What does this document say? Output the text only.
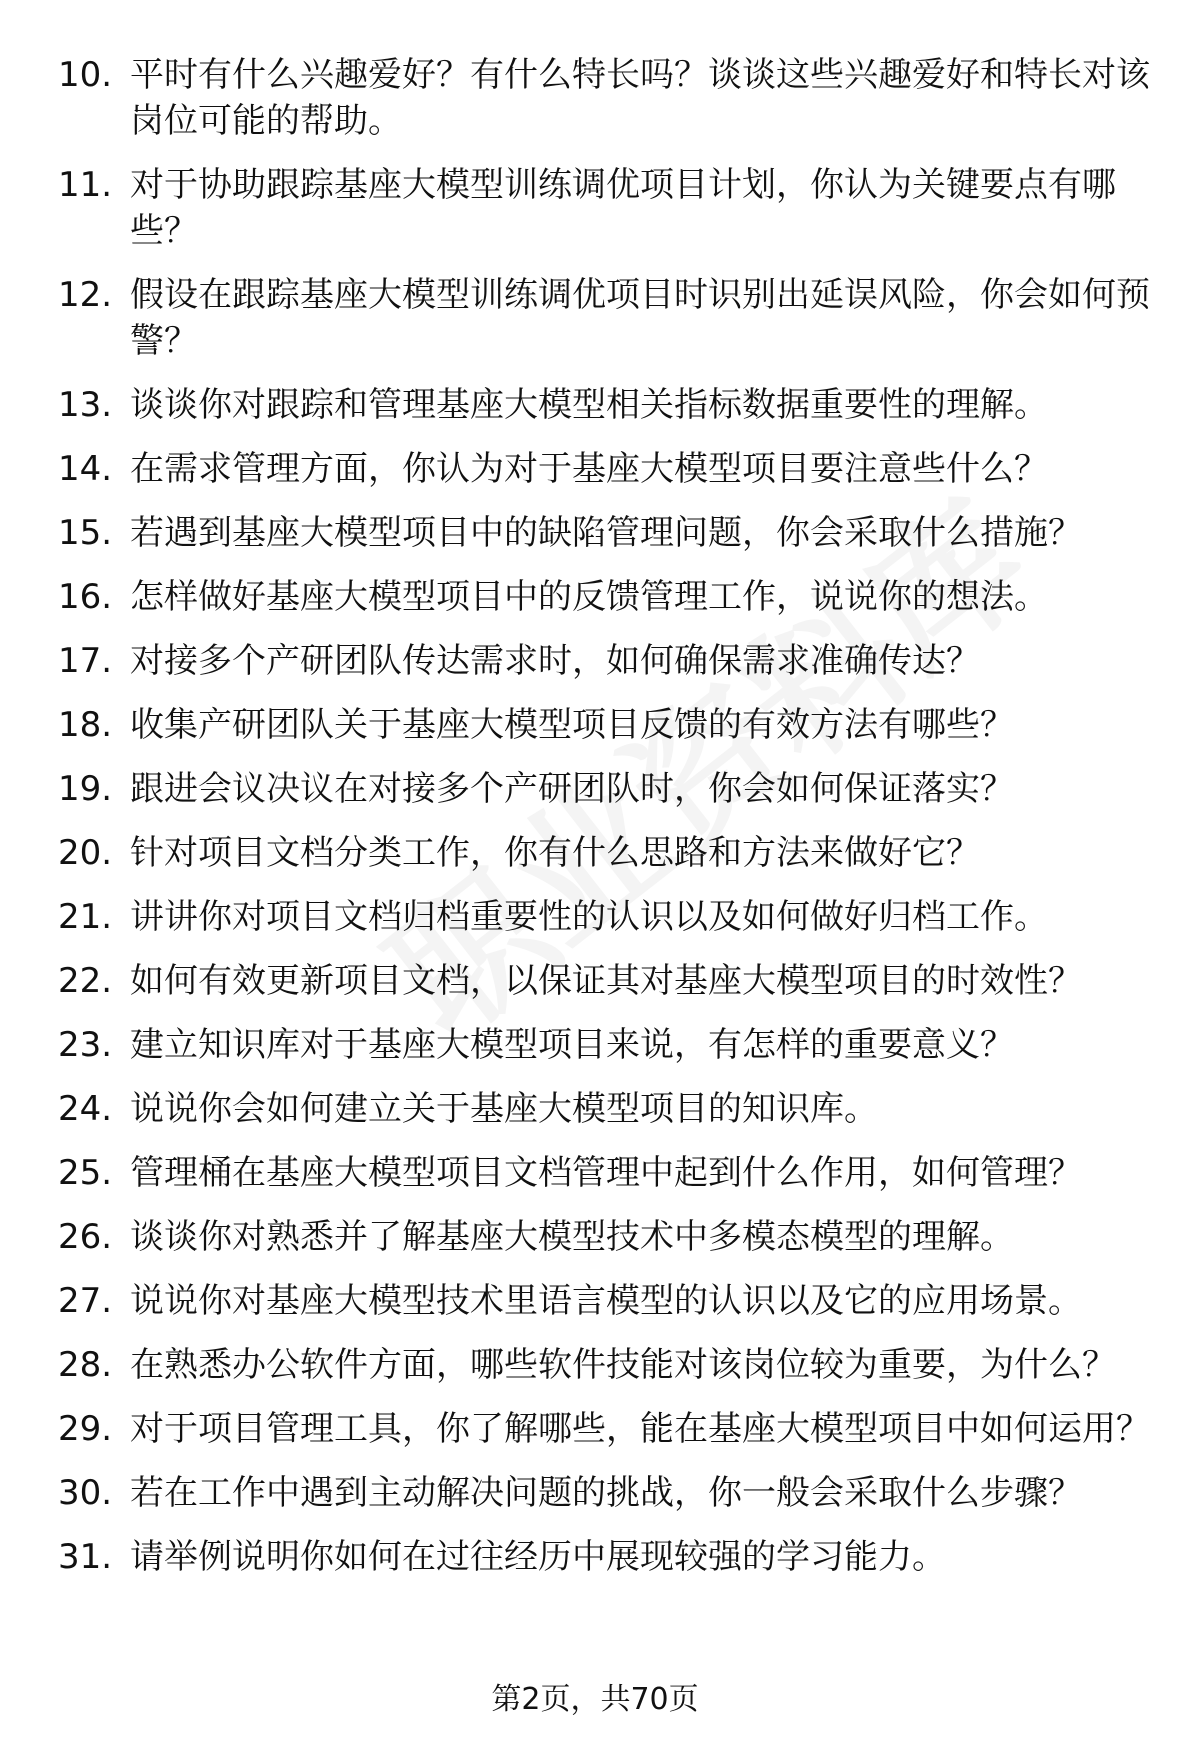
10. 平时有什么兴趣爱好？有什么特长吗？谈谈这些兴趣爱好和特长对该岗位可能的帮助。
11. 对于协助跟踪基座大模型训练调优项目计划，你认为关键要点有哪些？
12. 假设在跟踪基座大模型训练调优项目时识别出延误风险，你会如何预警？
13. 谈谈你对跟踪和管理基座大模型相关指标数据重要性的理解。
14. 在需求管理方面，你认为对于基座大模型项目要注意些什么？
15. 若遇到基座大模型项目中的缺陷管理问题，你会采取什么措施？
16. 怎样做好基座大模型项目中的反馈管理工作，说说你的想法。
17. 对接多个产研团队传达需求时，如何确保需求准确传达？
18. 收集产研团队关于基座大模型项目反馈的有效方法有哪些？
19. 跟进会议决议在对接多个产研团队时，你会如何保证落实？
20. 针对项目文档分类工作，你有什么思路和方法来做好它？
21. 讲讲你对项目文档归档重要性的认识以及如何做好归档工作。
22. 如何有效更新项目文档，以保证其对基座大模型项目的时效性？
23. 建立知识库对于基座大模型项目来说，有怎样的重要意义？
24. 说说你会如何建立关于基座大模型项目的知识库。
25. 管理桶在基座大模型项目文档管理中起到什么作用，如何管理？
26. 谈谈你对熟悉并了解基座大模型技术中多模态模型的理解。
27. 说说你对基座大模型技术里语言模型的认识以及它的应用场景。
28. 在熟悉办公软件方面，哪些软件技能对该岗位较为重要，为什么？
29. 对于项目管理工具，你了解哪些，能在基座大模型项目中如何运用？
30. 若在工作中遇到主动解决问题的挑战，你一般会采取什么步骤？
31. 请举例说明你如何在过往经历中展现较强的学习能力。
第2页，共70页
